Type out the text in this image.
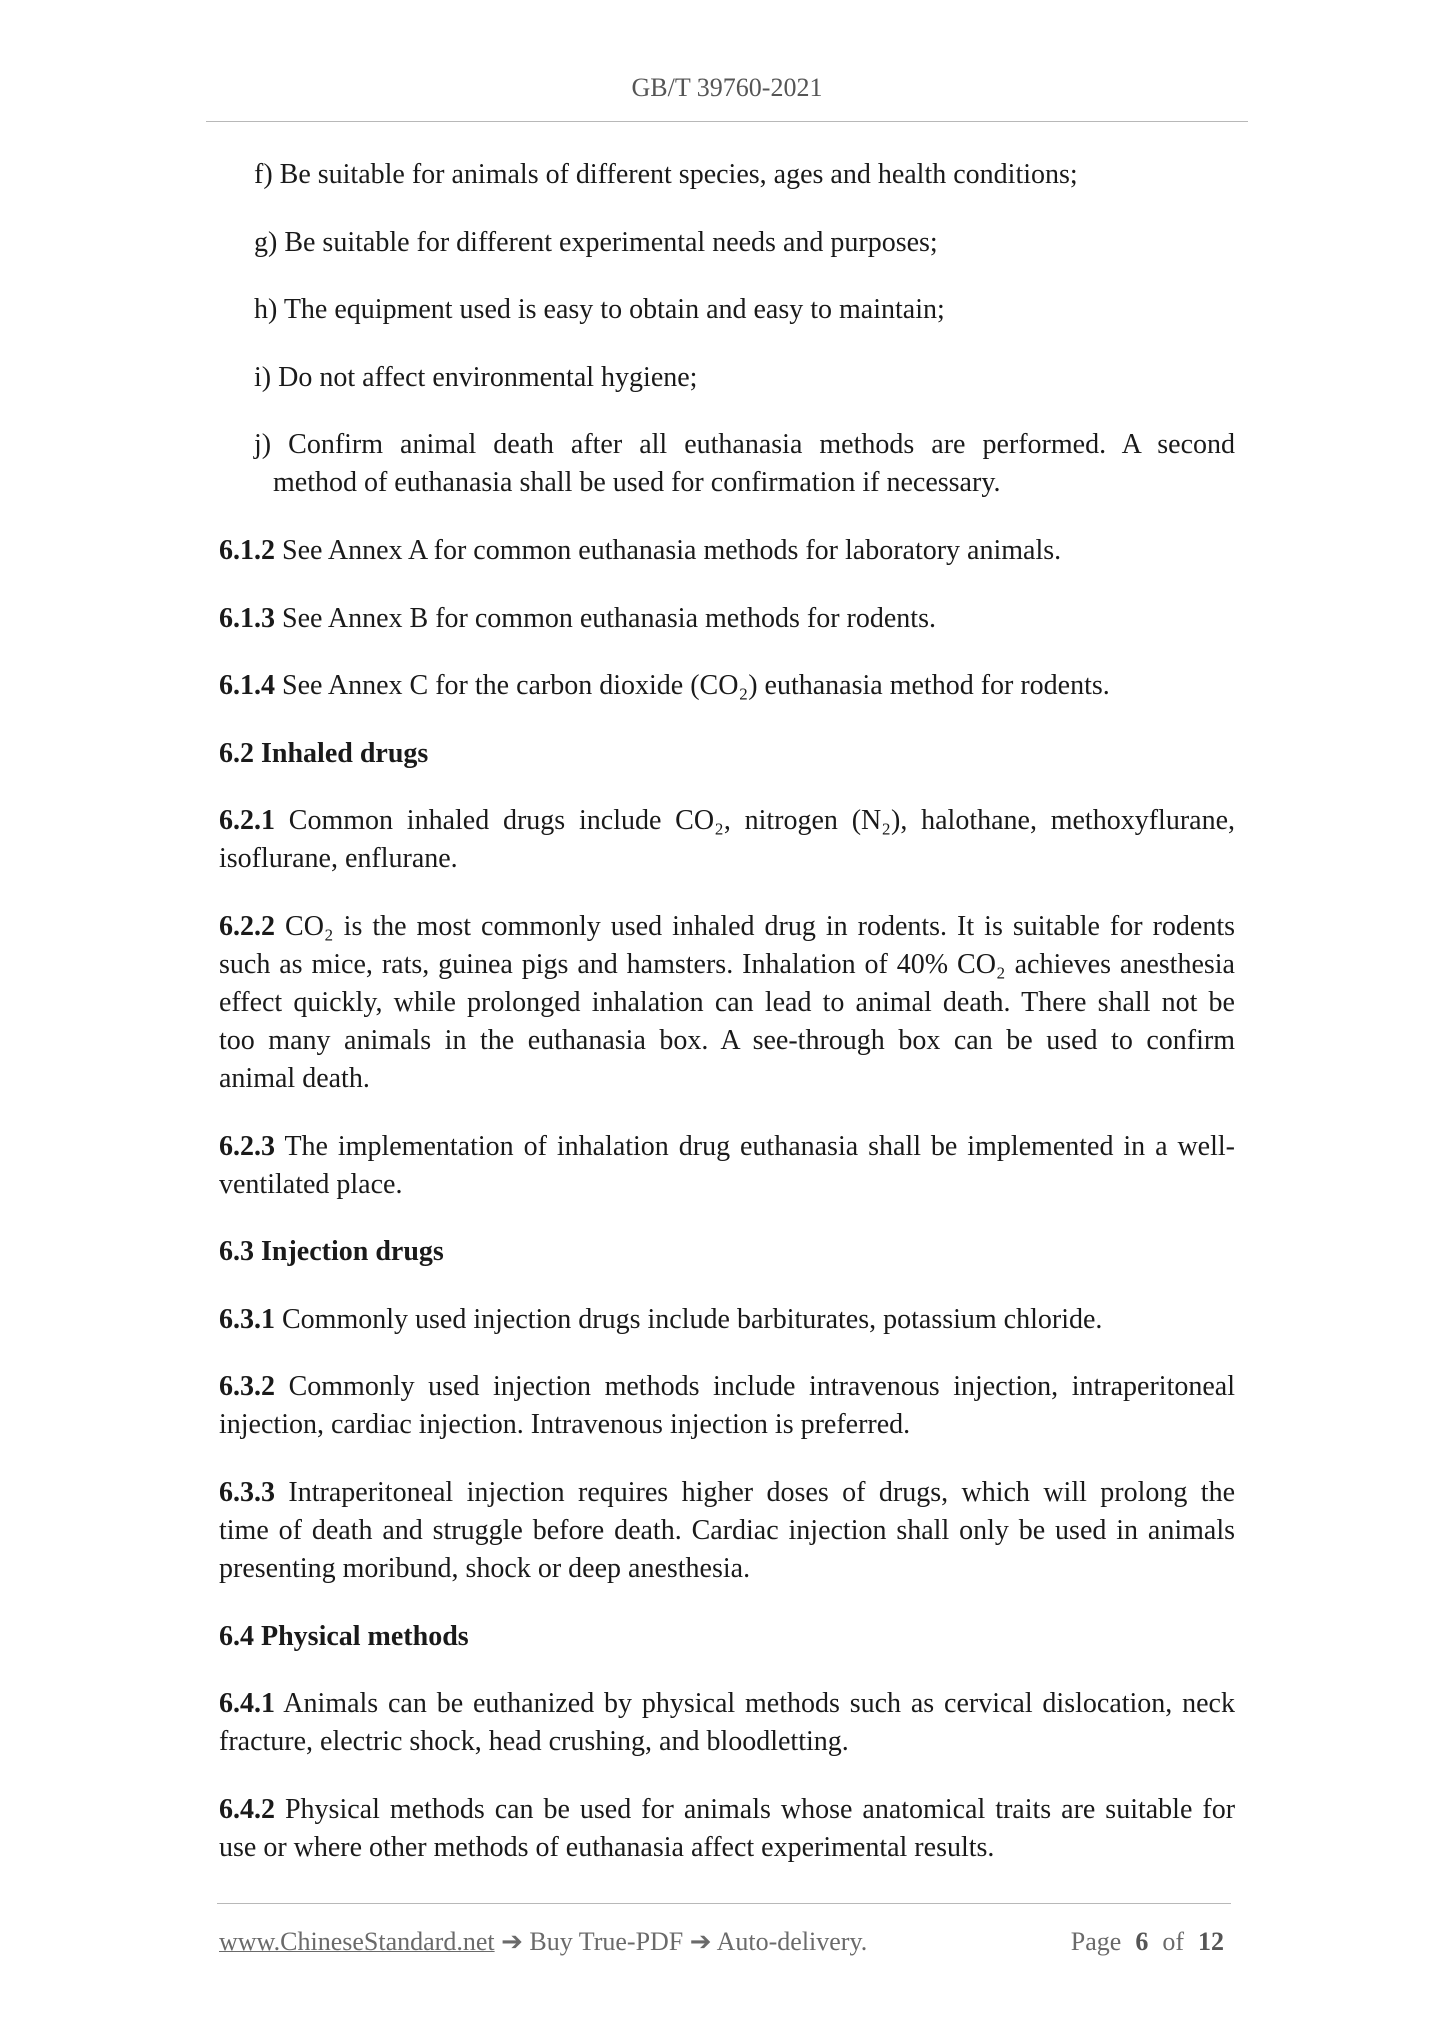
GB/T 39760-2021
f) Be suitable for animals of different species, ages and health conditions;
g) Be suitable for different experimental needs and purposes;
h) The equipment used is easy to obtain and easy to maintain;
i) Do not affect environmental hygiene;
j) Confirm animal death after all euthanasia methods are performed. A second
method of euthanasia shall be used for confirmation if necessary.
6.1.2 See Annex A for common euthanasia methods for laboratory animals.
6.1.3 See Annex B for common euthanasia methods for rodents.
6.1.4 See Annex C for the carbon dioxide (CO₂) euthanasia method for rodents.
6.2 Inhaled drugs
6.2.1 Common inhaled drugs include CO₂, nitrogen (N₂), halothane, methoxyflurane,
isoflurane, enflurane.
6.2.2 CO₂ is the most commonly used inhaled drug in rodents. It is suitable for rodents
such as mice, rats, guinea pigs and hamsters. Inhalation of 40% CO₂ achieves anesthesia
effect quickly, while prolonged inhalation can lead to animal death. There shall not be
too many animals in the euthanasia box. A see-through box can be used to confirm
animal death.
6.2.3 The implementation of inhalation drug euthanasia shall be implemented in a well-
ventilated place.
6.3 Injection drugs
6.3.1 Commonly used injection drugs include barbiturates, potassium chloride.
6.3.2 Commonly used injection methods include intravenous injection, intraperitoneal
injection, cardiac injection. Intravenous injection is preferred.
6.3.3 Intraperitoneal injection requires higher doses of drugs, which will prolong the
time of death and struggle before death. Cardiac injection shall only be used in animals
presenting moribund, shock or deep anesthesia.
6.4 Physical methods
6.4.1 Animals can be euthanized by physical methods such as cervical dislocation, neck
fracture, electric shock, head crushing, and bloodletting.
6.4.2 Physical methods can be used for animals whose anatomical traits are suitable for
use or where other methods of euthanasia affect experimental results.
www.ChineseStandard.net ➔ Buy True-PDF ➔ Auto-delivery.	Page 6 of 12
